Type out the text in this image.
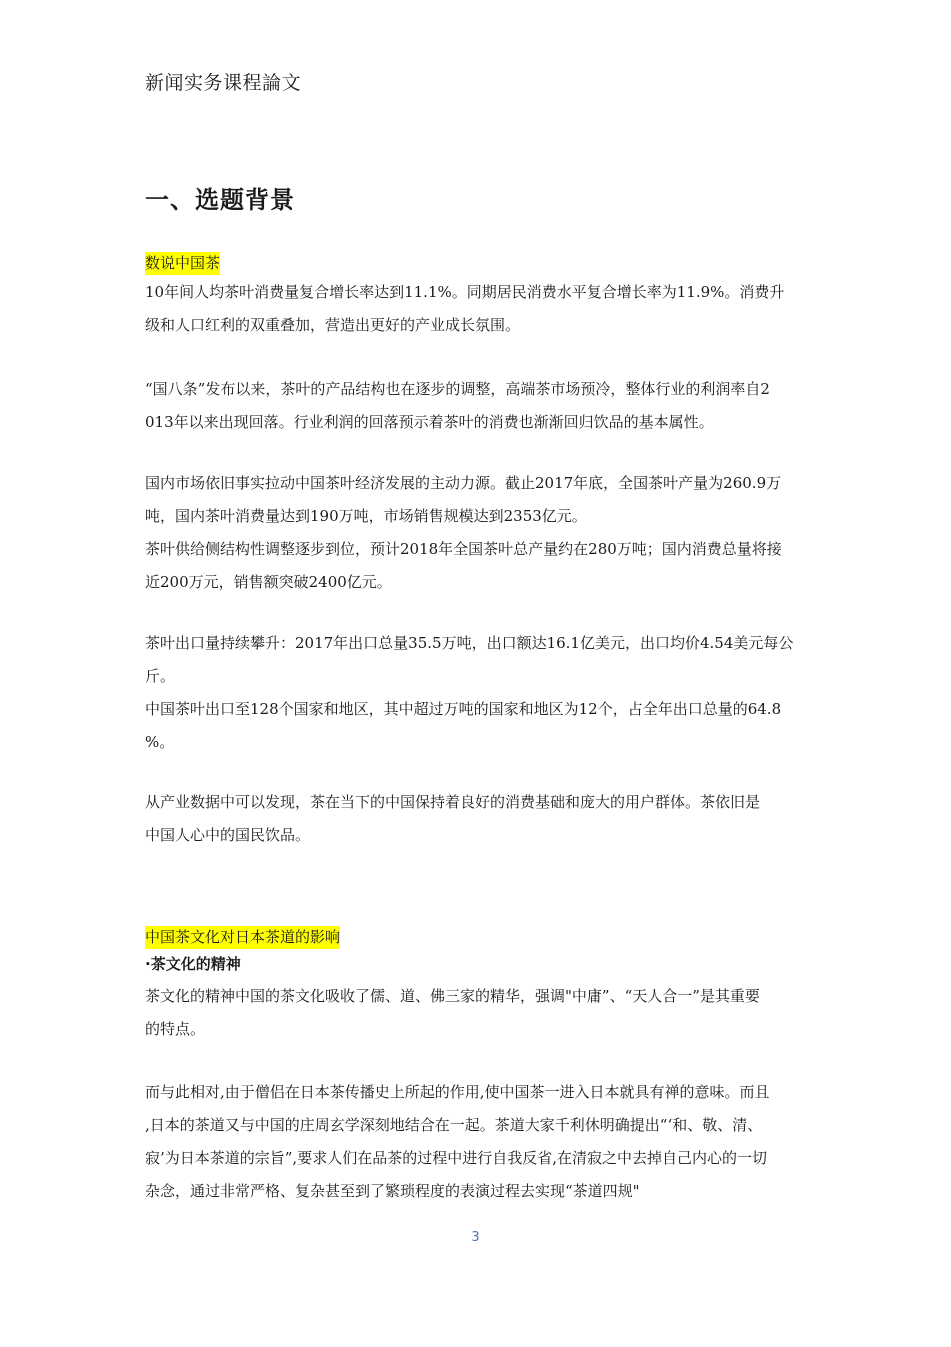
新闻实务课程論文
一、选题背景
数说中国茶

10年间人均茶叶消费量复合增长率达到11.1%。同期居民消费水平复合增长率为11.9%。消费升

级和人口红利的双重叠加，营造出更好的产业成长氛围。

“国八条”发布以来，茶叶的产品结构也在逐步的调整，高端茶市场预冷，整体行业的利润率自2

013年以来出现回落。行业利润的回落预示着茶叶的消费也渐渐回归饮品的基本属性。

国内市场依旧事实拉动中国茶叶经济发展的主动力源。截止2017年底，全国茶叶产量为260.9万

吨，国内茶叶消费量达到190万吨，市场销售规模达到2353亿元。

茶叶供给侧结构性调整逐步到位，预计2018年全国茶叶总产量约在280万吨；国内消费总量将接

近200万元，销售额突破2400亿元。

茶叶出口量持续攀升：2017年出口总量35.5万吨，出口额达16.1亿美元，出口均价4.54美元每公

斤。

中国茶叶出口至128个国家和地区，其中超过万吨的国家和地区为12个，占全年出口总量的64.8

%。

从产业数据中可以发现，茶在当下的中国保持着良好的消费基础和庞大的用户群体。茶依旧是

中国人心中的国民饮品。

中国茶文化对日本茶道的影响
·茶文化的精神

茶文化的精神中国的茶文化吸收了儒、道、佛三家的精华，强调"中庸”、“天人合一”是其重要

的特点。

而与此相对,由于僧侣在日本茶传播史上所起的作用,使中国茶一进入日本就具有禅的意味。而且

,日本的茶道又与中国的庄周玄学深刻地结合在一起。茶道大家千利休明确提出“‘和、敬、清、

寂’为日本茶道的宗旨”,要求人们在品茶的过程中进行自我反省,在清寂之中去掉自己内心的一切

杂念，通过非常严格、复杂甚至到了繁琐程度的表演过程去实现“茶道四规"

3
